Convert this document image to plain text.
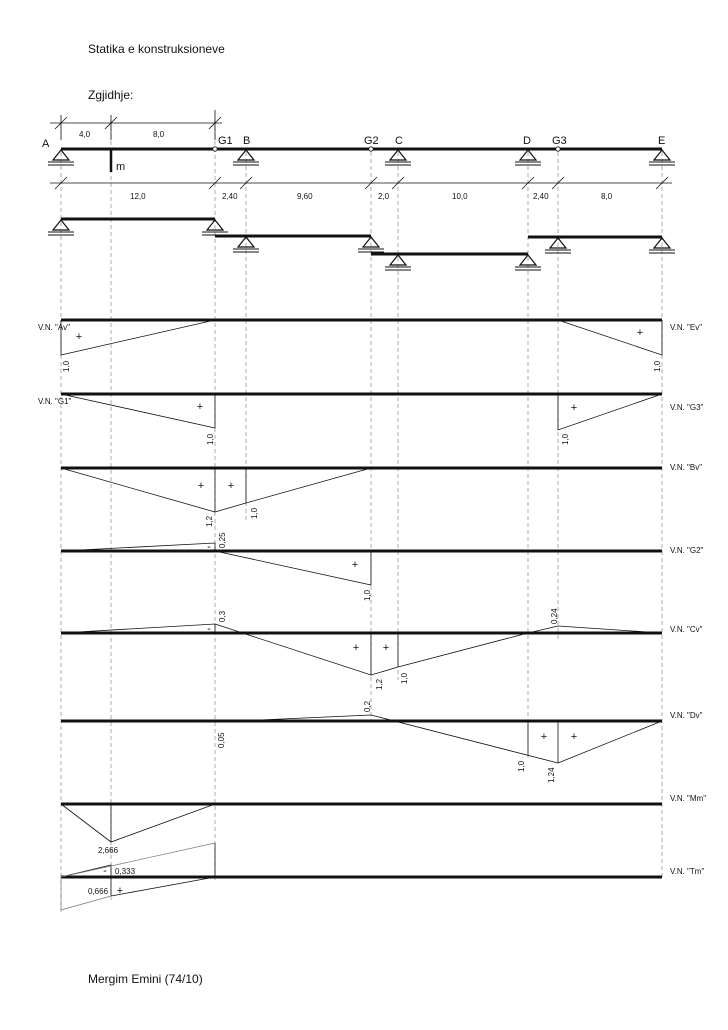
Statika e konstruksioneve
Zgjidhje:
Mergim Emini (74/10)
A	B	C	D	E
G1	G2	G3
m
4,0	8,0
12,0	2,40	9,60	2,0	10,0	2,40	8,0
V.N. "Av"	V.N. "Ev"
V.N. "G1"
V.N. "G3"
V.N. "Bv"
V.N. "G2"
V.N. "Cv"
V.N. "Dv"
V.N. "Mm"
V.N. "Tm"
+	+
+	+
+ +
-
+
-
+ +
+ +
-
+
1,0	1,0
1,0	1,0
1,2
1,0
0,25
1,0
0,3	0,24
1,2
1,0
0,05
0,2
1,0
1,24
2,666
0,333
0,666
